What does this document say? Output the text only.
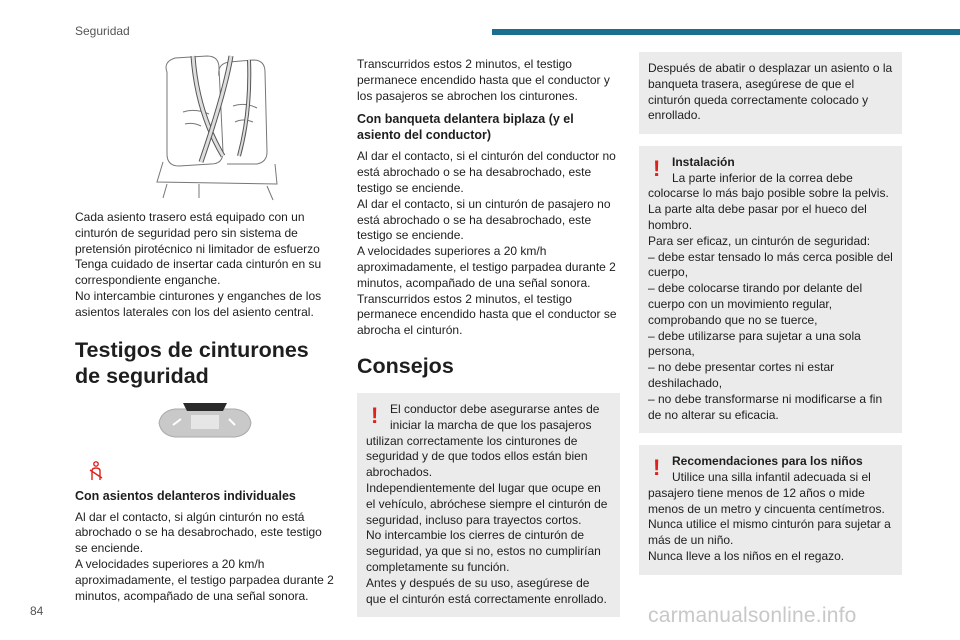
Seguridad

Cada asiento trasero está equipado con un cinturón de seguridad pero sin sistema de pretensión pirotécnico ni limitador de esfuerzo
Tenga cuidado de insertar cada cinturón en su correspondiente enganche.
No intercambie cinturones y enganches de los asientos laterales con los del asiento central.

Testigos de cinturones de seguridad
Con asientos delanteros individuales

Al dar el contacto, si algún cinturón no está abrochado o se ha desabrochado, este testigo se enciende.
A velocidades superiores a 20 km/h aproximadamente, el testigo parpadea durante 2 minutos, acompañado de una señal sonora.

Transcurridos estos 2 minutos, el testigo permanece encendido hasta que el conductor y los pasajeros se abrochen los cinturones.

Con banqueta delantera biplaza (y el asiento del conductor)

Al dar el contacto, si el cinturón del conductor no está abrochado o se ha desabrochado, este testigo se enciende.
Al dar el contacto, si un cinturón de pasajero no está abrochado o se ha desabrochado, este testigo se enciende.
A velocidades superiores a 20 km/h aproximadamente, el testigo parpadea durante 2 minutos, acompañado de una señal sonora.
Transcurridos estos 2 minutos, el testigo permanece encendido hasta que el conductor se abrocha el cinturón.

Consejos
! El conductor debe asegurarse antes de iniciar la marcha de que los pasajeros

utilizan correctamente los cinturones de seguridad y de que todos ellos están bien abrochados.
Independientemente del lugar que ocupe en el vehículo, abróchese siempre el cinturón de seguridad, incluso para trayectos cortos.
No intercambie los cierres de cinturón de seguridad, ya que si no, estos no cumplirían completamente su función.
Antes y después de su uso, asegúrese de que el cinturón está correctamente enrollado.

Después de abatir o desplazar un asiento o la banqueta trasera, asegúrese de que el cinturón queda correctamente colocado y enrollado.

! Instalación

La parte inferior de la correa debe

colocarse lo más bajo posible sobre la pelvis.
La parte alta debe pasar por el hueco del hombro.
Para ser eficaz, un cinturón de seguridad:
– debe estar tensado lo más cerca posible del cuerpo,
– debe colocarse tirando por delante del cuerpo con un movimiento regular, comprobando que no se tuerce,
– debe utilizarse para sujetar a una sola persona,
– no debe presentar cortes ni estar deshilachado,
– no debe transformarse ni modificarse a fin de no alterar su eficacia.

! Recomendaciones para los niños

Utilice una silla infantil adecuada si el

pasajero tiene menos de 12 años o mide menos de un metro y cincuenta centímetros.
Nunca utilice el mismo cinturón para sujetar a más de un niño.
Nunca lleve a los niños en el regazo.

84	carmanualsonline.info
